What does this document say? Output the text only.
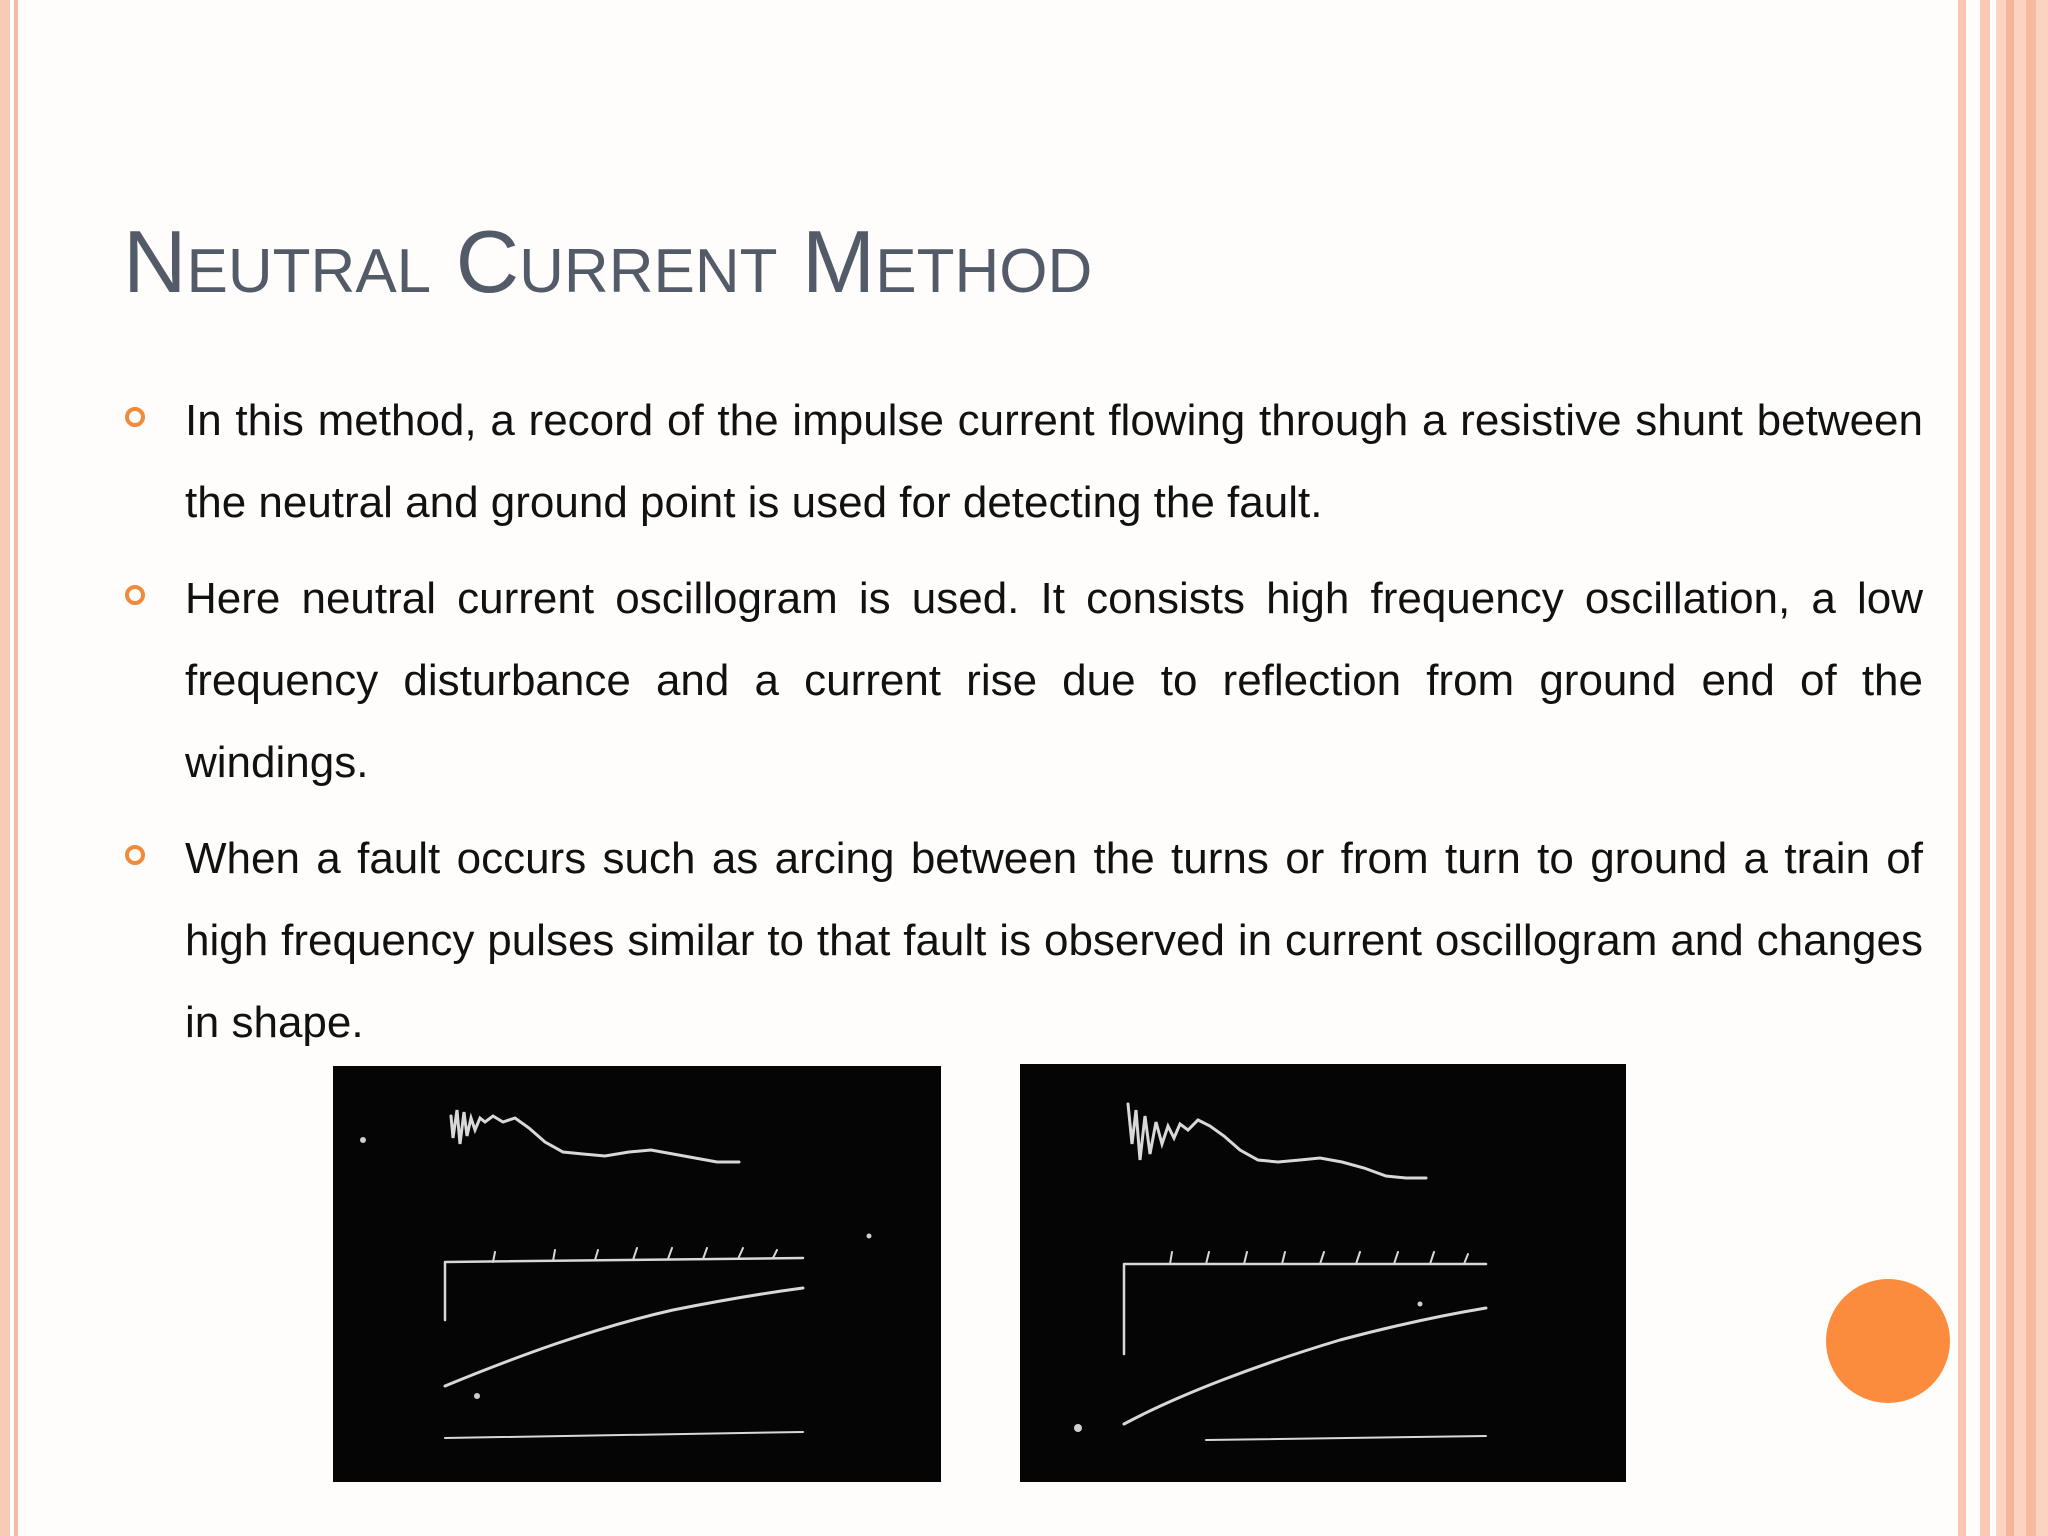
Neutral Current Method
In this method, a record of the impulse current flowing through a resistive shunt between the neutral and ground point is used for detecting the fault.
Here neutral current oscillogram is used. It consists high frequency oscillation, a low frequency disturbance and a current rise due to reflection from ground end of the windings.
When a fault occurs such as arcing between the turns or from turn to ground a train of high frequency pulses similar to that fault is observed in current oscillogram and changes in shape.
